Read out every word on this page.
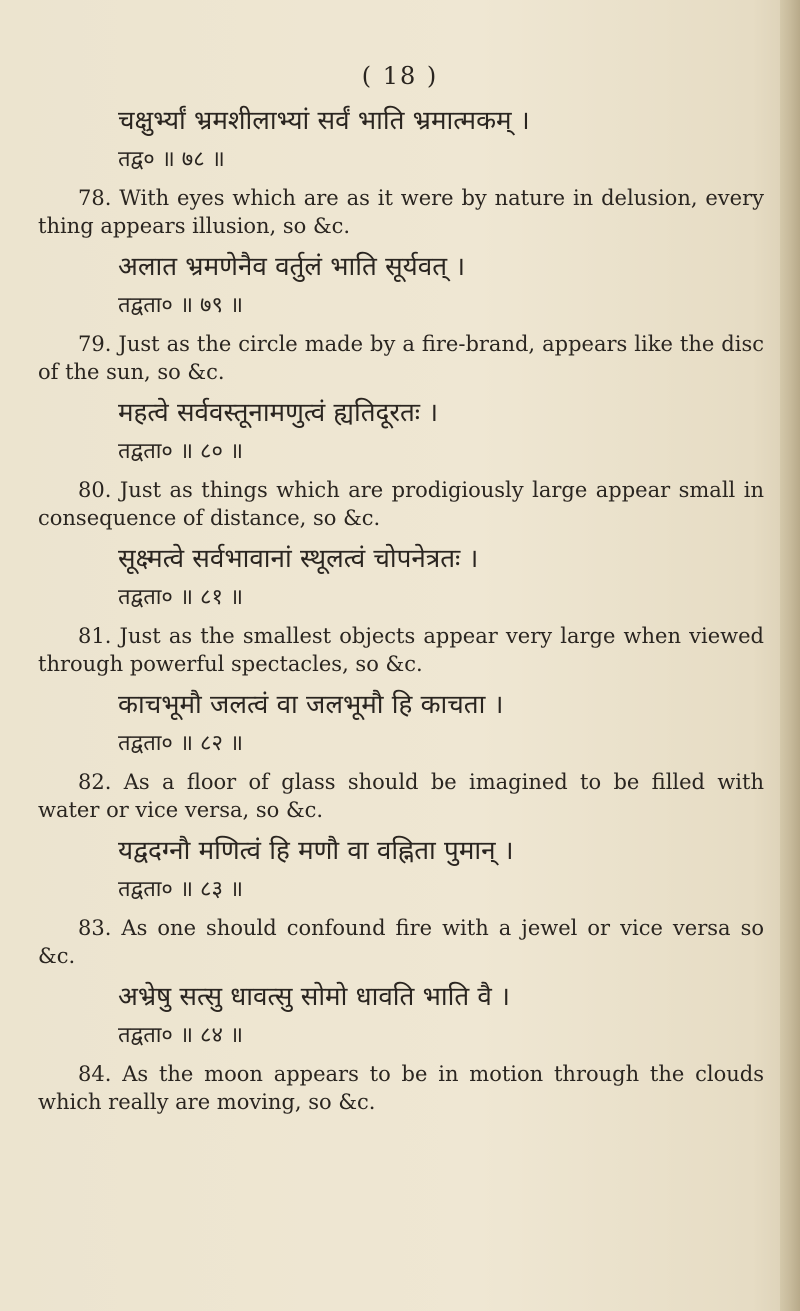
( 18 )
चक्षुर्भ्यां भ्रमशीलाभ्यां सर्वं भाति भ्रमात्मकम् ।
तद्व० ॥ ७८ ॥

78. With eyes which are as it were by nature in delusion, every thing appears illusion, so &c.

अलात भ्रमणेनैव वर्तुलं भाति सूर्यवत् ।
तद्वता० ॥ ७९ ॥

79. Just as the circle made by a fire-brand, appears like the disc of the sun, so &c.

महत्वे सर्ववस्तूनामणुत्वं ह्यतिदूरतः ।
तद्वता० ॥ ८० ॥

80. Just as things which are prodigiously large appear small in consequence of distance, so &c.

सूक्ष्मत्वे सर्वभावानां स्थूलत्वं चोपनेत्रतः ।
तद्वता० ॥ ८१ ॥

81. Just as the smallest objects appear very large when viewed through powerful spectacles, so &c.

काचभूमौ जलत्वं वा जलभूमौ हि काचता ।
तद्वता० ॥ ८२ ॥

82. As a floor of glass should be imagined to be filled with water or vice versa, so &c.

यद्वदग्नौ मणित्वं हि मणौ वा वह्निता पुमान् ।
तद्वता० ॥ ८३ ॥

83. As one should confound fire with a jewel or vice versa so &c.

अभ्रेषु सत्सु धावत्सु सोमो धावति भाति वै ।
तद्वता० ॥ ८४ ॥

84. As the moon appears to be in motion through the clouds which really are moving, so &c.
